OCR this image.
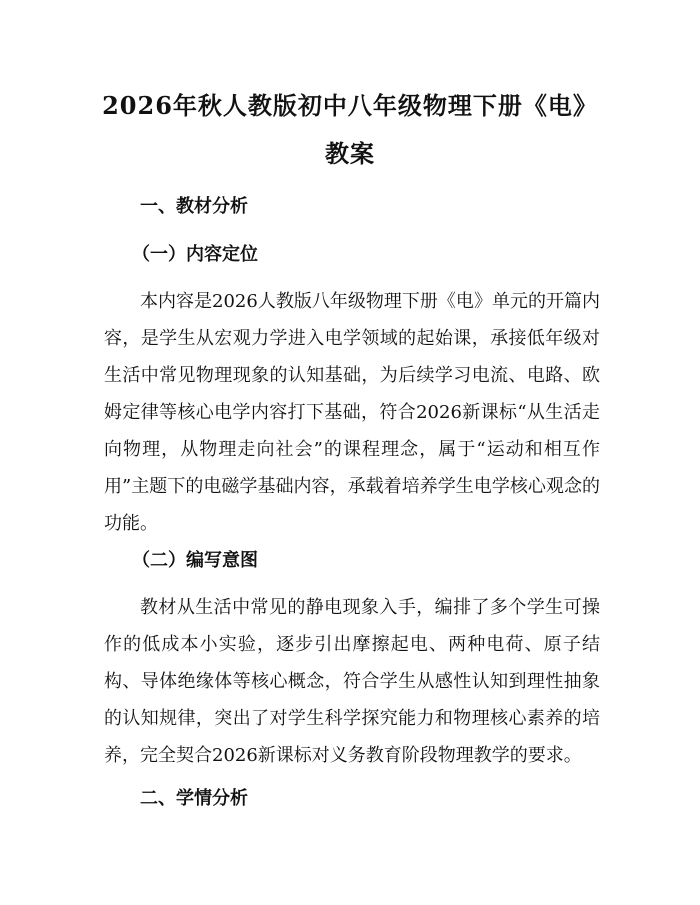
2026年秋人教版初中八年级物理下册《电》
教案
一、教材分析
（一）内容定位

本内容是2026人教版八年级物理下册《电》单元的开篇内容，是学生从宏观力学进入电学领域的起始课，承接低年级对生活中常见物理现象的认知基础，为后续学习电流、电路、欧姆定律等核心电学内容打下基础，符合2026新课标“从生活走向物理，从物理走向社会”的课程理念，属于“运动和相互作用”主题下的电磁学基础内容，承载着培养学生电学核心观念的功能。

（二）编写意图

教材从生活中常见的静电现象入手，编排了多个学生可操作的低成本小实验，逐步引出摩擦起电、两种电荷、原子结构、导体绝缘体等核心概念，符合学生从感性认知到理性抽象的认知规律，突出了对学生科学探究能力和物理核心素养的培养，完全契合2026新课标对义务教育阶段物理教学的要求。

二、学情分析
